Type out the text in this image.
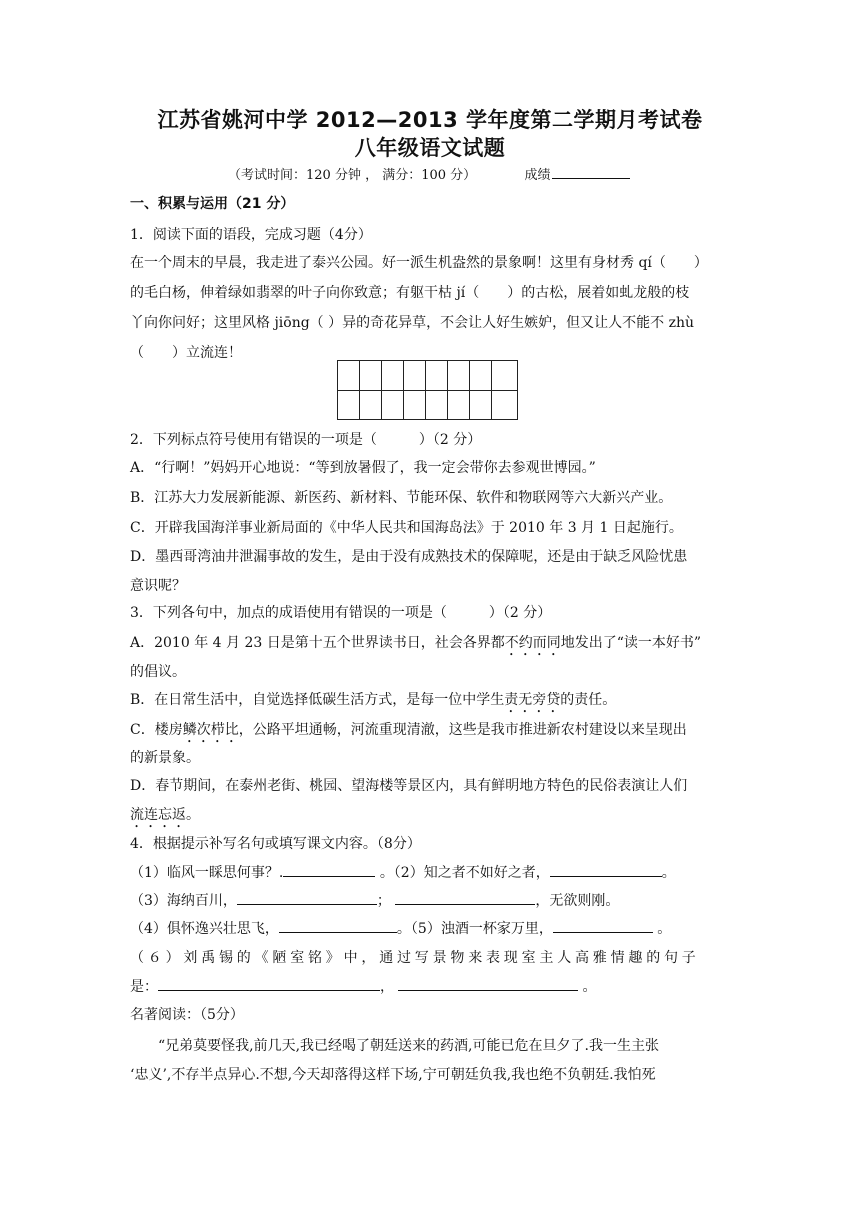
江苏省姚河中学 2012—2013 学年度第二学期月考试卷
八年级语文试题
（考试时间：120 分钟 ， 满分：100 分）	成绩
一、积累与运用（21 分）
1．阅读下面的语段，完成习题（4分）
在一个周末的早晨，我走进了泰兴公园。好一派生机盎然的景象啊！这里有身材秀 qí（　　）
的毛白杨，伸着绿如翡翠的叶子向你致意；有躯干枯 jí（　　）的古松，展着如虬龙般的枝
丫向你问好；这里风格 jiōng（ ）异的奇花异草，不会让人好生嫉妒，但又让人不能不 zhù
（　　）立流连！
2．下列标点符号使用有错误的一项是（　　　）（2 分）
A．“行啊！”妈妈开心地说：“等到放暑假了，我一定会带你去参观世博园。”
B．江苏大力发展新能源、新医药、新材料、节能环保、软件和物联网等六大新兴产业。
C．开辟我国海洋事业新局面的《中华人民共和国海岛法》于 2010 年 3 月 1 日起施行。
D．墨西哥湾油井泄漏事故的发生，是由于没有成熟技术的保障呢，还是由于缺乏风险忧患
意识呢？
3．下列各句中，加点的成语使用有错误的一项是（　　　）（2 分）
A．2010 年 4 月 23 日是第十五个世界读书日，社会各界都不约而同地发出了“读一本好书”
的倡议。
B．在日常生活中，自觉选择低碳生活方式，是每一位中学生责无旁贷的责任。
C．楼房鳞次栉比，公路平坦通畅，河流重现清澈，这些是我市推进新农村建设以来呈现出
的新景象。
D．春节期间，在泰州老街、桃园、望海楼等景区内，具有鲜明地方特色的民俗表演让人们
流连忘返。
4．根据提示补写名句或填写课文内容。（8分）
（1）临风一睬思何事？.	。（2）知之者不如好之者，	。
（3）海纳百川，	；	，无欲则刚。
（4）俱怀逸兴壮思飞，	。（5）浊酒一杯家万里，	。
（６）刘禹锡的《陋室铭》中，通过写景物来表现室主人高雅情趣的句子
是：	，	。
名著阅读：（5分）
“兄弟莫要怪我,前几天,我已经喝了朝廷送来的药酒,可能已危在旦夕了.我一生主张
‘忠义’,不存半点异心.不想,今天却落得这样下场,宁可朝廷负我,我也绝不负朝廷.我怕死
